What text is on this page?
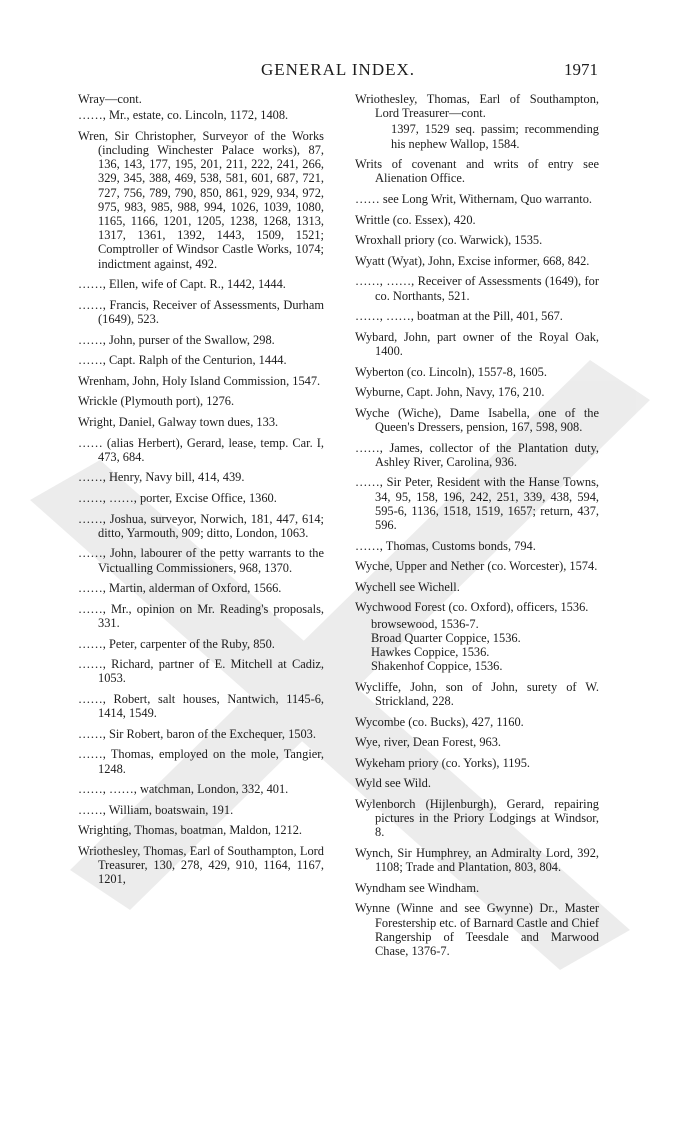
GENERAL INDEX.	1971

Wray—cont.

……, Mr., estate, co. Lincoln, 1172, 1408.

Wren, Sir Christopher, Surveyor of the Works (including Winchester Palace works), 87, 136, 143, 177, 195, 201, 211, 222, 241, 266, 329, 345, 388, 469, 538, 581, 601, 687, 721, 727, 756, 789, 790, 850, 861, 929, 934, 972, 975, 983, 985, 988, 994, 1026, 1039, 1080, 1165, 1166, 1201, 1205, 1238, 1268, 1313, 1317, 1361, 1392, 1443, 1509, 1521; Comptroller of Windsor Castle Works, 1074; indictment against, 492.

……, Ellen, wife of Capt. R., 1442, 1444.

……, Francis, Receiver of Assessments, Durham (1649), 523.

……, John, purser of the Swallow, 298.

……, Capt. Ralph of the Centurion, 1444.

Wrenham, John, Holy Island Commission, 1547.

Wrickle (Plymouth port), 1276.

Wright, Daniel, Galway town dues, 133.

…… (alias Herbert), Gerard, lease, temp. Car. I, 473, 684.

……, Henry, Navy bill, 414, 439.

……, ……, porter, Excise Office, 1360.

……, Joshua, surveyor, Norwich, 181, 447, 614; ditto, Yarmouth, 909; ditto, London, 1063.

……, John, labourer of the petty warrants to the Victualling Commissioners, 968, 1370.

……, Martin, alderman of Oxford, 1566.

……, Mr., opinion on Mr. Reading's proposals, 331.

……, Peter, carpenter of the Ruby, 850.

……, Richard, partner of E. Mitchell at Cadiz, 1053.

……, Robert, salt houses, Nantwich, 1145-6, 1414, 1549.

……, Sir Robert, baron of the Exchequer, 1503.

……, Thomas, employed on the mole, Tangier, 1248.

……, ……, watchman, London, 332, 401.

……, William, boatswain, 191.

Wrighting, Thomas, boatman, Maldon, 1212.

Wriothesley, Thomas, Earl of Southampton, Lord Treasurer, 130, 278, 429, 910, 1164, 1167, 1201,

Wriothesley, Thomas, Earl of Southampton, Lord Treasurer—cont.

1397, 1529 seq. passim; recommending his nephew Wallop, 1584.

Writs of covenant and writs of entry see Alienation Office.

…… see Long Writ, Withernam, Quo warranto.

Writtle (co. Essex), 420.

Wroxhall priory (co. Warwick), 1535.

Wyatt (Wyat), John, Excise informer, 668, 842.

……, ……, Receiver of Assessments (1649), for co. Northants, 521.

……, ……, boatman at the Pill, 401, 567.

Wybard, John, part owner of the Royal Oak, 1400.

Wyberton (co. Lincoln), 1557-8, 1605.

Wyburne, Capt. John, Navy, 176, 210.

Wyche (Wiche), Dame Isabella, one of the Queen's Dressers, pension, 167, 598, 908.

……, James, collector of the Plantation duty, Ashley River, Carolina, 936.

……, Sir Peter, Resident with the Hanse Towns, 34, 95, 158, 196, 242, 251, 339, 438, 594, 595-6, 1136, 1518, 1519, 1657; return, 437, 596.

……, Thomas, Customs bonds, 794.

Wyche, Upper and Nether (co. Worcester), 1574.

Wychell see Wichell.

Wychwood Forest (co. Oxford), officers, 1536.

browsewood, 1536-7.

Broad Quarter Coppice, 1536.

Hawkes Coppice, 1536.

Shakenhof Coppice, 1536.

Wycliffe, John, son of John, surety of W. Strickland, 228.

Wycombe (co. Bucks), 427, 1160.

Wye, river, Dean Forest, 963.

Wykeham priory (co. Yorks), 1195.

Wyld see Wild.

Wylenborch (Hijlenburgh), Gerard, repairing pictures in the Priory Lodgings at Windsor, 8.

Wynch, Sir Humphrey, an Admiralty Lord, 392, 1108; Trade and Plantation, 803, 804.

Wyndham see Windham.

Wynne (Winne and see Gwynne) Dr., Master Forestership etc. of Barnard Castle and Chief Rangership of Teesdale and Marwood Chase, 1376-7.
